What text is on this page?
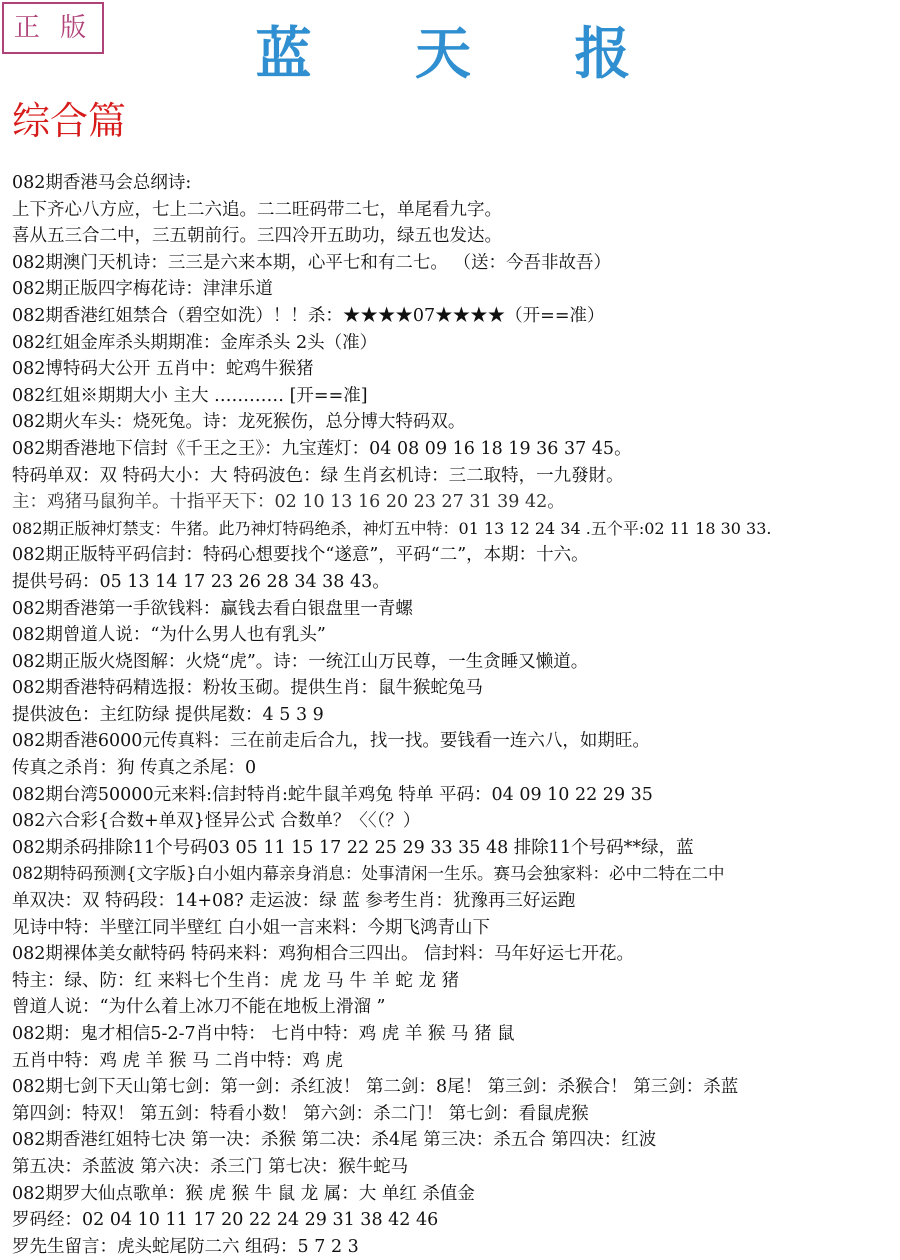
正 版	蓝 天 报
综合篇
082期香港马会总纲诗:
上下齐心八方应，七上二六追。二二旺码带二七，单尾看九字。
喜从五三合二中，三五朝前行。三四冷开五助功，绿五也发达。
082期澳门天机诗：三三是六来本期，心平七和有二七。 （送：今吾非故吾）
082期正版四字梅花诗：津津乐道
082期香港红姐禁合（碧空如洗）！！杀：★★★★07★★★★（开==准）
082红姐金库杀头期期准：金库杀头 2头（准）
082博特码大公开 五肖中：蛇鸡牛猴猪
082红姐※期期大小 主大 ………… [开==准]
082期火车头：烧死兔。诗：龙死猴伤，总分博大特码双。
082期香港地下信封《千王之王》：九宝莲灯：04 08 09 16 18 19 36 37 45。
特码单双：双 特码大小：大 特码波色：绿 生肖玄机诗：三二取特，一九發財。
主：鸡猪马鼠狗羊。十指平天下：02 10 13 16 20 23 27 31 39 42。
082期正版神灯禁支：牛猪。此乃神灯特码绝杀，神灯五中特：01 13 12 24 34 .五个平:02 11 18 30 33.
082期正版特平码信封：特码心想要找个“遂意”，平码“二”，本期：十六。
提供号码：05 13 14 17 23 26 28 34 38 43。
082期香港第一手欲钱料：赢钱去看白银盘里一青螺
082期曾道人说：“为什么男人也有乳头”
082期正版火烧图解：火烧“虎”。诗：一统江山万民尊，一生贪睡又懒道。
082期香港特码精选报：粉妆玉砌。提供生肖：鼠牛猴蛇兔马
提供波色：主红防绿 提供尾数：4 5 3 9
082期香港6000元传真料：三在前走后合九，找一找。要钱看一连六八，如期旺。
传真之杀肖：狗 传真之杀尾：0
082期台湾50000元来料:信封特肖:蛇牛鼠羊鸡兔 特单 平码：04 09 10 22 29 35
082六合彩{合数+单双}怪异公式 合数单？〈〈（？）
082期杀码排除11个号码03 05 11 15 17 22 25 29 33 35 48 排除11个号码**绿，蓝
082期特码预测{文字版}白小姐内幕亲身消息：处事清闲一生乐。赛马会独家料：必中二特在二中
单双决：双 特码段：14+08? 走运波：绿 蓝 参考生肖：犹豫再三好运跑
见诗中特：半壁江同半壁红 白小姐一言来料：今期飞鸿青山下
082期裸体美女献特码 特码来料：鸡狗相合三四出。 信封料：马年好运七开花。
特主：绿、防：红 来料七个生肖：虎 龙 马 牛 羊 蛇 龙 猪
曾道人说：“为什么着上冰刀不能在地板上滑溜 ”
082期：鬼才相信5-2-7肖中特： 七肖中特：鸡 虎 羊 猴 马 猪 鼠
五肖中特：鸡 虎 羊 猴 马 二肖中特：鸡 虎
082期七剑下天山第七剑：第一剑：杀红波！ 第二剑：8尾！ 第三剑：杀猴合！ 第三剑：杀蓝
第四剑：特双！ 第五剑：特看小数！ 第六剑：杀二门！ 第七剑：看鼠虎猴
082期香港红姐特七决 第一决：杀猴 第二决：杀4尾 第三决：杀五合 第四决：红波
第五决：杀蓝波 第六决：杀三门 第七决：猴牛蛇马
082期罗大仙点歌单：猴 虎 猴 牛 鼠 龙 属：大 单红 杀值金
罗码经：02 04 10 11 17 20 22 24 29 31 38 42 46
罗先生留言：虎头蛇尾防二六 组码：5 7 2 3
